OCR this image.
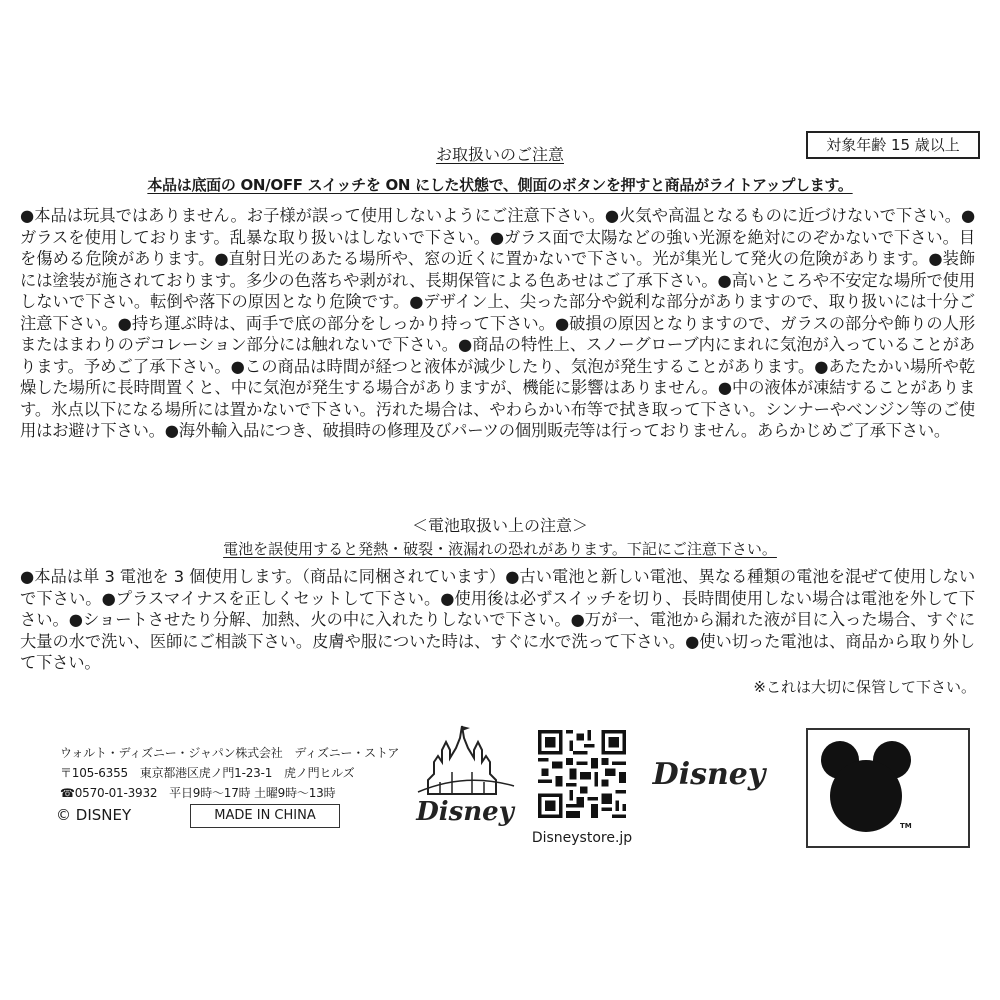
お取扱いのご注意	対象年齢 15 歳以上
本品は底面の ON/OFF スイッチを ON にした状態で、側面のボタンを押すと商品がライトアップします。
●本品は玩具ではありません。お子様が誤って使用しないようにご注意下さい。●火気や高温となるものに近づけないで下さい。●ガラスを使用しております。乱暴な取り扱いはしないで下さい。●ガラス面で太陽などの強い光源を絶対にのぞかないで下さい。目を傷める危険があります。●直射日光のあたる場所や、窓の近くに置かないで下さい。光が集光して発火の危険があります。●装飾には塗装が施されております。多少の色落ちや剥がれ、長期保管による色あせはご了承下さい。●高いところや不安定な場所で使用しないで下さい。転倒や落下の原因となり危険です。●デザイン上、尖った部分や鋭利な部分がありますので、取り扱いには十分ご注意下さい。●持ち運ぶ時は、両手で底の部分をしっかり持って下さい。●破損の原因となりますので、ガラスの部分や飾りの人形またはまわりのデコレーション部分には触れないで下さい。●商品の特性上、スノーグローブ内にまれに気泡が入っていることがあります。予めご了承下さい。●この商品は時間が経つと液体が減少したり、気泡が発生することがあります。●あたたかい場所や乾燥した場所に長時間置くと、中に気泡が発生する場合がありますが、機能に影響はありません。●中の液体が凍結することがあります。氷点以下になる場所には置かないで下さい。汚れた場合は、やわらかい布等で拭き取って下さい。シンナーやベンジン等のご使用はお避け下さい。●海外輸入品につき、破損時の修理及びパーツの個別販売等は行っておりません。あらかじめご了承下さい。
＜電池取扱い上の注意＞
電池を誤使用すると発熱・破裂・液漏れの恐れがあります。下記にご注意下さい。
●本品は単 3 電池を 3 個使用します。（商品に同梱されています）●古い電池と新しい電池、異なる種類の電池を混ぜて使用しないで下さい。●プラスマイナスを正しくセットして下さい。●使用後は必ずスイッチを切り、長時間使用しない場合は電池を外して下さい。●ショートさせたり分解、加熱、火の中に入れたりしないで下さい。●万が一、電池から漏れた液が目に入った場合、すぐに大量の水で洗い、医師にご相談下さい。皮膚や服についた時は、すぐに水で洗って下さい。●使い切った電池は、商品から取り外して下さい。
※これは大切に保管して下さい。
ウォルト・ディズニー・ジャパン株式会社　ディズニー・ストア
〒105-6355　東京都港区虎ノ門1-23-1　虎ノ門ヒルズ
☎0570-01-3932　平日9時～17時 土曜9時～13時
© DISNEY	MADE IN CHINA	Disney
Disneystore.jp
Disney
TM
